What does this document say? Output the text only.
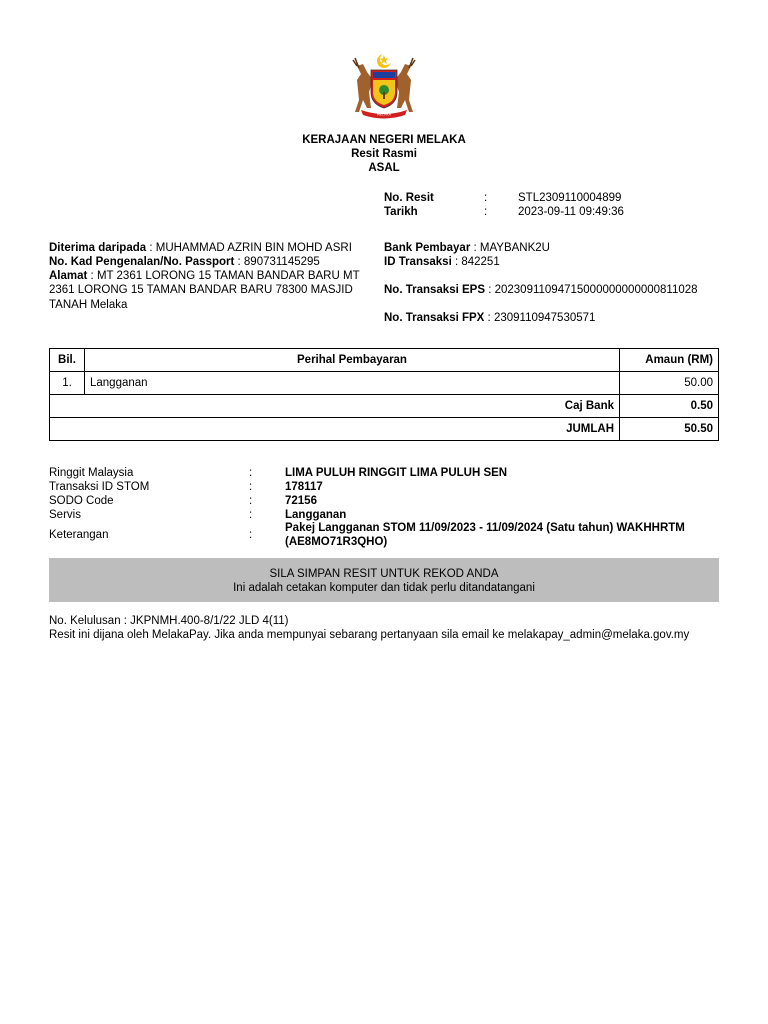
MELAKA
KERAJAAN NEGERI MELAKA
Resit Rasmi
ASAL
No. Resit	:	STL2309110004899
Tarikh	:	2023-09-11 09:49:36
Diterima daripada : MUHAMMAD AZRIN BIN MOHD ASRI
No. Kad Pengenalan/No. Passport : 890731145295
Alamat : MT 2361 LORONG 15 TAMAN BANDAR BARU MT 2361 LORONG 15 TAMAN BANDAR BARU 78300 MASJID TANAH Melaka
Bank Pembayar : MAYBANK2U
ID Transaksi : 842251
No. Transaksi EPS : 20230911094715000000000000811028
No. Transaksi FPX : 2309110947530571
Bil.	Perihal Pembayaran	Amaun (RM)
1.	Langganan	50.00
Caj Bank		0.50
JUMLAH		50.50
Ringgit Malaysia	:	LIMA PULUH RINGGIT LIMA PULUH SEN
Transaksi ID STOM	:	178117
SODO Code	:	72156
Servis	:	Langganan
Keterangan	:
Pakej Langganan STOM 11/09/2023 - 11/09/2024 (Satu tahun) WAKHHRTM
(AE8MO71R3QHO)
SILA SIMPAN RESIT UNTUK REKOD ANDA
Ini adalah cetakan komputer dan tidak perlu ditandatangani
No. Kelulusan : JKPNMH.400-8/1/22 JLD 4(11)
Resit ini dijana oleh MelakaPay. Jika anda mempunyai sebarang pertanyaan sila email ke melakapay_admin@melaka.gov.my
